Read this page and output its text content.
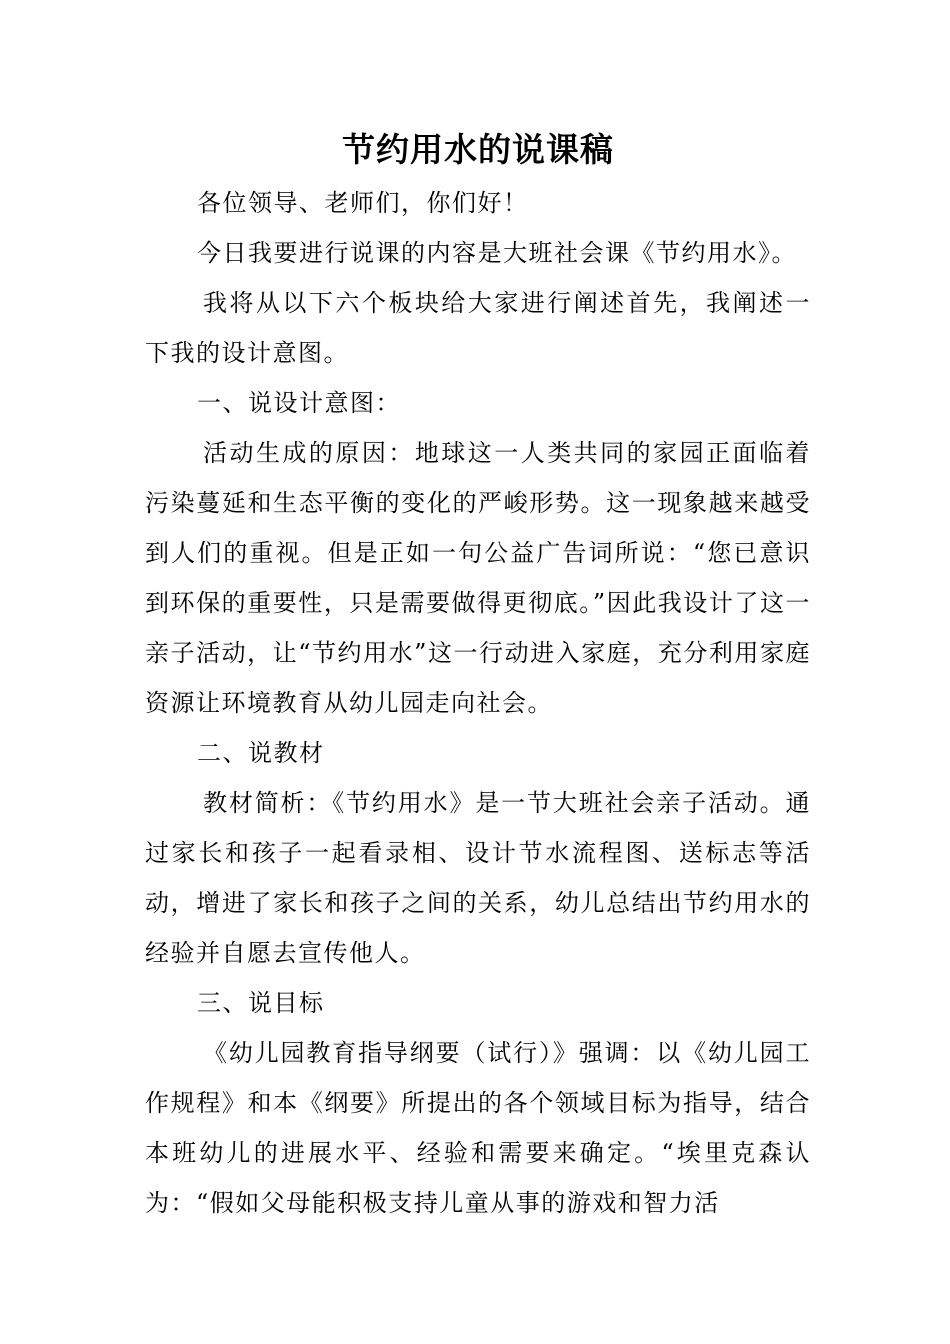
节约用水的说课稿

各位领导、老师们，你们好！

今日我要进行说课的内容是大班社会课《节约用水》。

我将从以下六个板块给大家进行阐述首先，我阐述一下我的设计意图。

一、说设计意图：

活动生成的原因：地球这一人类共同的家园正面临着污染蔓延和生态平衡的变化的严峻形势。这一现象越来越受到人们的重视。但是正如一句公益广告词所说：“您已意识到环保的重要性，只是需要做得更彻底。”因此我设计了这一亲子活动，让“节约用水”这一行动进入家庭，充分利用家庭资源让环境教育从幼儿园走向社会。

二、说教材

教材简析：《节约用水》是一节大班社会亲子活动。通过家长和孩子一起看录相、设计节水流程图、送标志等活动，增进了家长和孩子之间的关系，幼儿总结出节约用水的经验并自愿去宣传他人。

三、说目标

《幼儿园教育指导纲要（试行）》强调：以《幼儿园工作规程》和本《纲要》所提出的各个领域目标为指导，结合本班幼儿的进展水平、经验和需要来确定。“埃里克森认为：“假如父母能积极支持儿童从事的游戏和智力活
